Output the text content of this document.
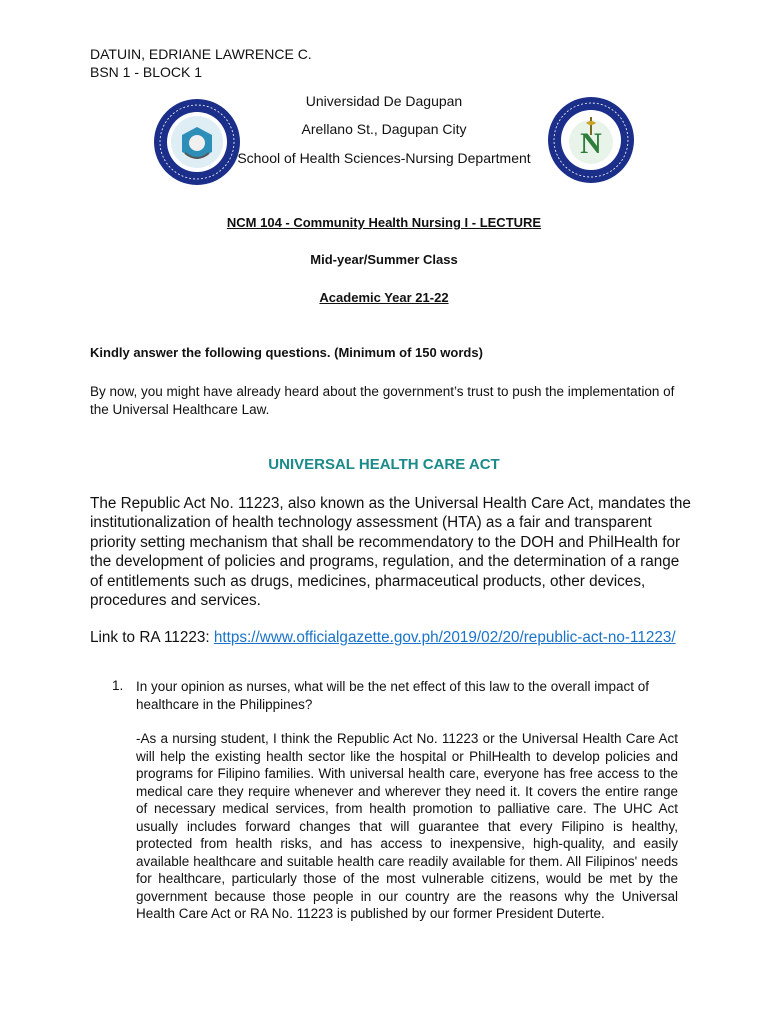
DATUIN, EDRIANE LAWRENCE C.
BSN 1 - BLOCK 1
N
Universidad De Dagupan
Arellano St., Dagupan City
School of Health Sciences-Nursing Department
NCM 104 - Community Health Nursing I - LECTURE
Mid-year/Summer Class
Academic Year 21-22
Kindly answer the following questions. (Minimum of 150 words)
By now, you might have already heard about the government’s trust to push the implementation of the Universal Healthcare Law.
UNIVERSAL HEALTH CARE ACT
The Republic Act No. 11223, also known as the Universal Health Care Act, mandates the institutionalization of health technology assessment (HTA) as a fair and transparent priority setting mechanism that shall be recommendatory to the DOH and PhilHealth for the development of policies and programs, regulation, and the determination of a range of entitlements such as drugs, medicines, pharmaceutical products, other devices, procedures and services.
Link to RA 11223: https://www.officialgazette.gov.ph/2019/02/20/republic-act-no-11223/
1. In your opinion as nurses, what will be the net effect of this law to the overall impact of healthcare in the Philippines?
-As a nursing student, I think the Republic Act No. 11223 or the Universal Health Care Act will help the existing health sector like the hospital or PhilHealth to develop policies and programs for Filipino families. With universal health care, everyone has free access to the medical care they require whenever and wherever they need it. It covers the entire range of necessary medical services, from health promotion to palliative care. The UHC Act usually includes forward changes that will guarantee that every Filipino is healthy, protected from health risks, and has access to inexpensive, high-quality, and easily available healthcare and suitable health care readily available for them. All Filipinos' needs for healthcare, particularly those of the most vulnerable citizens, would be met by the government because those people in our country are the reasons why the Universal Health Care Act or RA No. 11223 is published by our former President Duterte.
